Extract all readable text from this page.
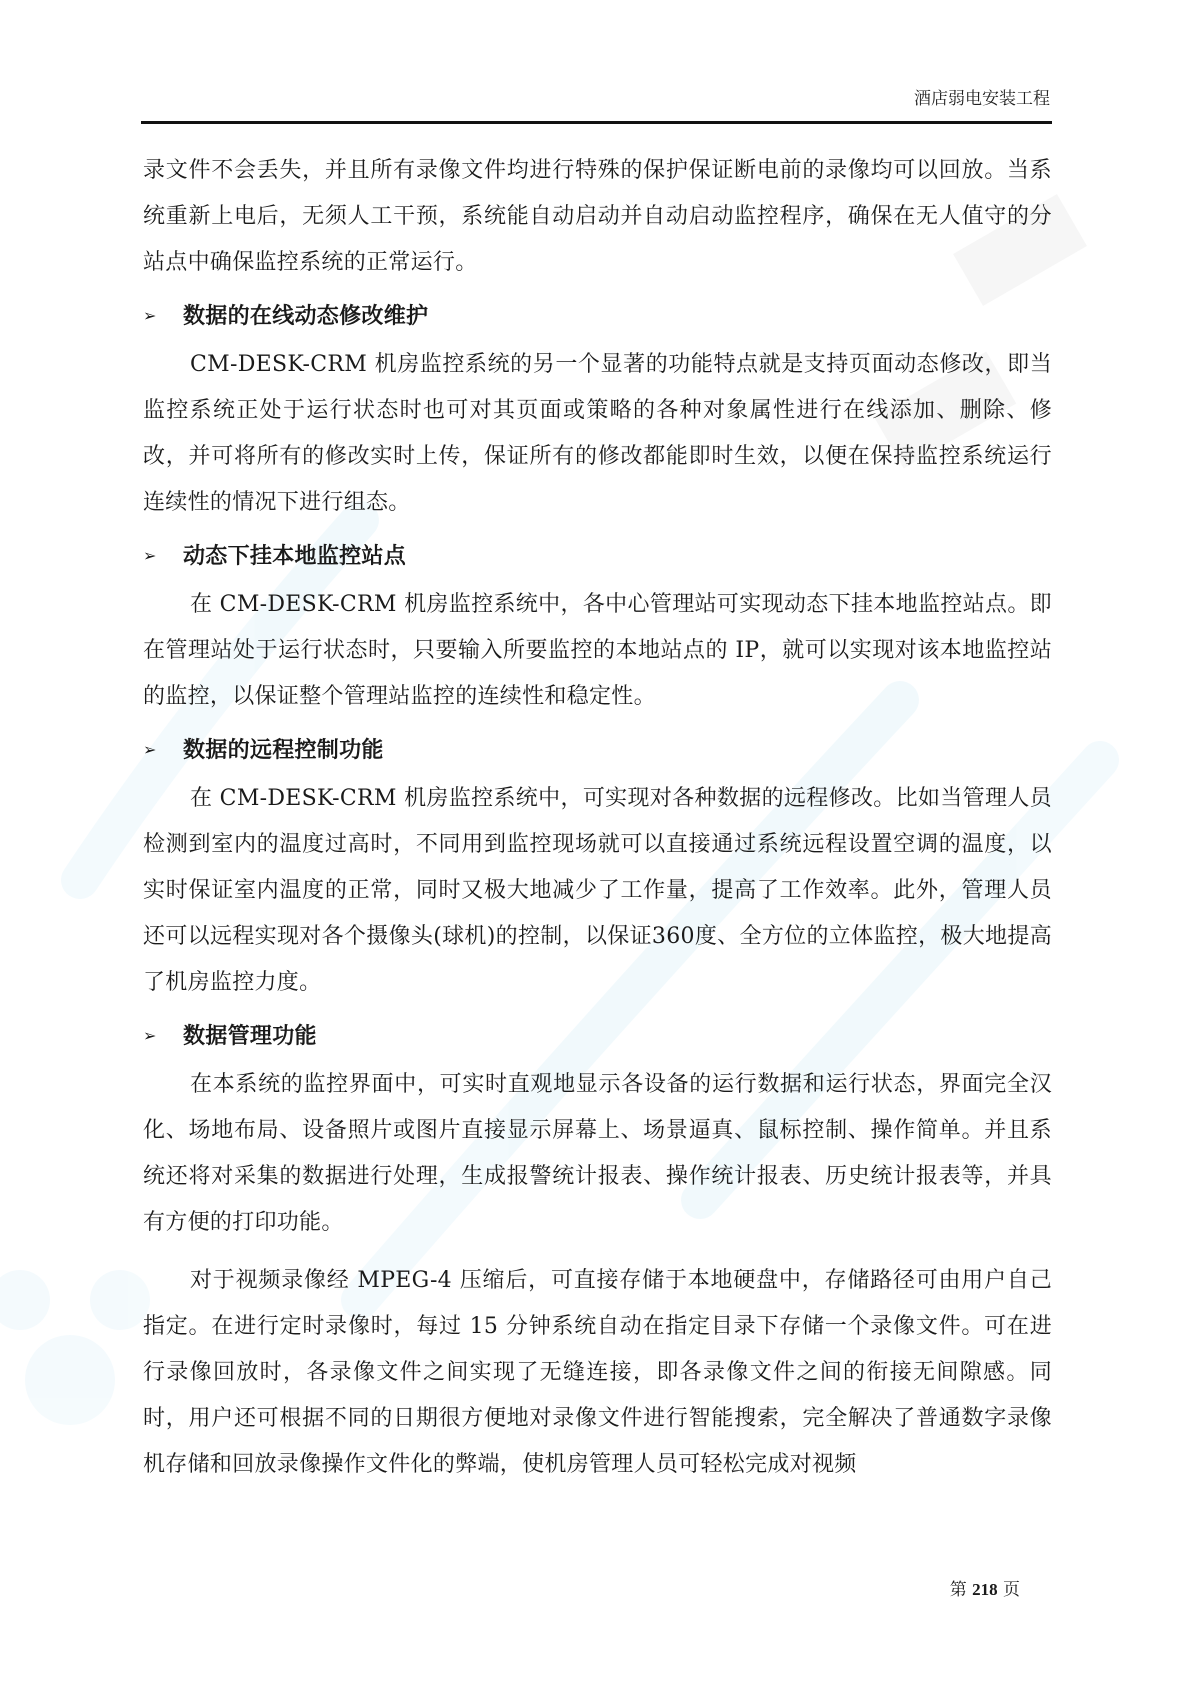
酒店弱电安装工程

录文件不会丢失，并且所有录像文件均进行特殊的保护保证断电前的录像均可以回放。当系统重新上电后，无须人工干预，系统能自动启动并自动启动监控程序，确保在无人值守的分站点中确保监控系统的正常运行。

➢	数据的在线动态修改维护

CM-DESK-CRM 机房监控系统的另一个显著的功能特点就是支持页面动态修改，即当监控系统正处于运行状态时也可对其页面或策略的各种对象属性进行在线添加、删除、修改，并可将所有的修改实时上传，保证所有的修改都能即时生效，以便在保持监控系统运行连续性的情况下进行组态。

➢	动态下挂本地监控站点

在 CM-DESK-CRM 机房监控系统中，各中心管理站可实现动态下挂本地监控站点。即在管理站处于运行状态时，只要输入所要监控的本地站点的 IP，就可以实现对该本地监控站的监控，以保证整个管理站监控的连续性和稳定性。

➢	数据的远程控制功能

在 CM-DESK-CRM 机房监控系统中，可实现对各种数据的远程修改。比如当管理人员检测到室内的温度过高时，不同用到监控现场就可以直接通过系统远程设置空调的温度，以实时保证室内温度的正常，同时又极大地减少了工作量，提高了工作效率。此外，管理人员还可以远程实现对各个摄像头(球机)的控制，以保证360度、全方位的立体监控，极大地提高了机房监控力度。

➢	数据管理功能

在本系统的监控界面中，可实时直观地显示各设备的运行数据和运行状态，界面完全汉化、场地布局、设备照片或图片直接显示屏幕上、场景逼真、鼠标控制、操作简单。并且系统还将对采集的数据进行处理，生成报警统计报表、操作统计报表、历史统计报表等，并具有方便的打印功能。

对于视频录像经 MPEG-4 压缩后，可直接存储于本地硬盘中，存储路径可由用户自己指定。在进行定时录像时，每过 15 分钟系统自动在指定目录下存储一个录像文件。可在进行录像回放时，各录像文件之间实现了无缝连接，即各录像文件之间的衔接无间隙感。同时，用户还可根据不同的日期很方便地对录像文件进行智能搜索，完全解决了普通数字录像机存储和回放录像操作文件化的弊端，使机房管理人员可轻松完成对视频

第 218 页
